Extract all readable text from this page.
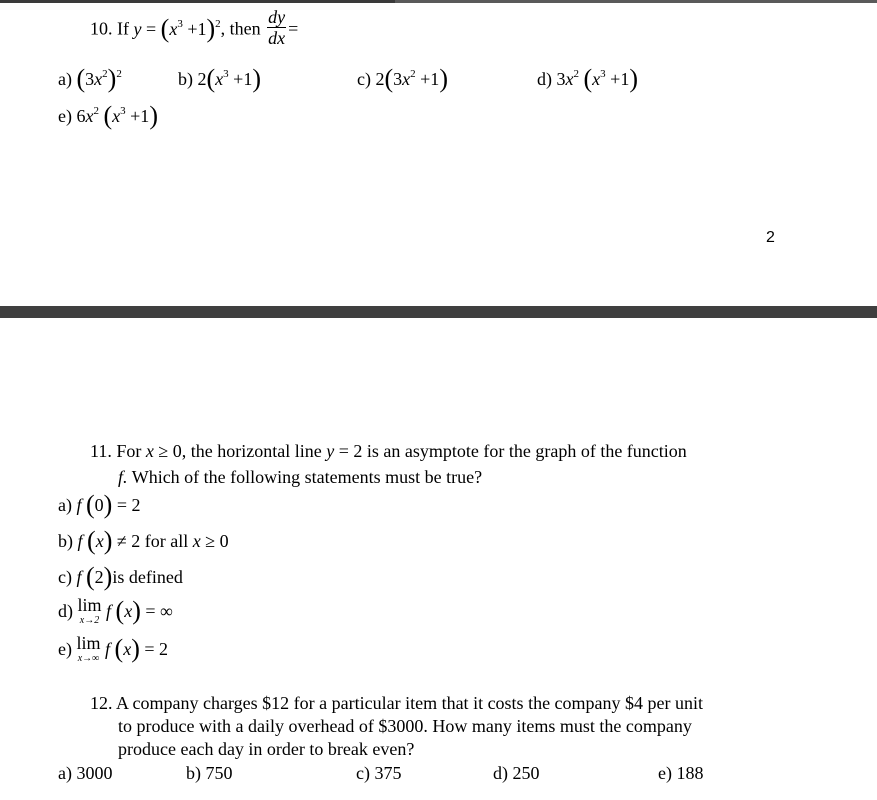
10. If $y = (x^3 +1)^2$, then $\frac{dy}{dx}$ =
a) $(3x^2)^2$	b) $2(x^3 +1)$	c) $2(3x^2 +1)$	d) $3x^2$ $(x^3 +1)$
e) $6x^2$ $(x^3 +1)$
2
11. For x ≥ 0, the horizontal line y = 2 is an asymptote for the graph of the function
f. Which of the following statements must be true?
a) f (0) = 2
b) f (x) ≠ 2 for all x ≥ 0
c) f (2)is defined
d) lim
x→2 f (x) = ∞
e) lim
x→∞ f (x) = 2
12. A company charges $12 for a particular item that it costs the company $4 per unit
to produce with a daily overhead of $3000. How many items must the company
produce each day in order to break even?
a) 3000	b) 750	c) 375	d) 250	e) 188
